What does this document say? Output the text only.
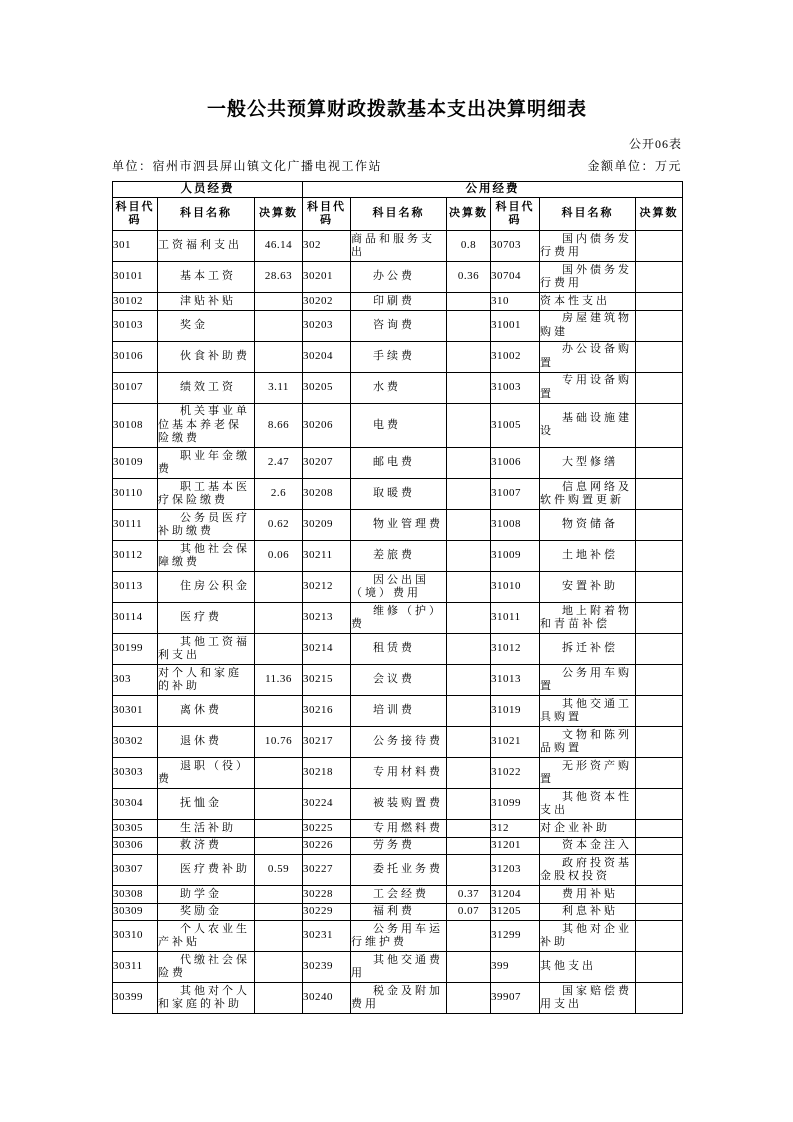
一般公共预算财政拨款基本支出决算明细表
公开06表
单位：宿州市泗县屏山镇文化广播电视工作站	金额单位：万元
人员经费			公用经费					
科目代码	科目名称	决算数	科目代码	科目名称	决算数	科目代码	科目名称	决算数
301	工资福利支出	46.14	302	商品和服务支出	0.8	30703	国内债务发行费用	
30101	基本工资	28.63	30201	办公费	0.36	30704	国外债务发行费用	
30102	津贴补贴		30202	印刷费		310	资本性支出	
30103	奖金		30203	咨询费		31001	房屋建筑物购建	
30106	伙食补助费		30204	手续费		31002	办公设备购置	
30107	绩效工资	3.11	30205	水费		31003	专用设备购置	
30108	机关事业单位基本养老保险缴费	8.66	30206	电费		31005	基础设施建设	
30109	职业年金缴费	2.47	30207	邮电费		31006	大型修缮	
30110	职工基本医疗保险缴费	2.6	30208	取暖费		31007	信息网络及软件购置更新	
30111	公务员医疗补助缴费	0.62	30209	物业管理费		31008	物资储备	
30112	其他社会保障缴费	0.06	30211	差旅费		31009	土地补偿	
30113	住房公积金		30212	因公出国（境）费用		31010	安置补助	
30114	医疗费		30213	维修（护）费		31011	地上附着物和青苗补偿	
30199	其他工资福利支出		30214	租赁费		31012	拆迁补偿	
303	对个人和家庭的补助	11.36	30215	会议费		31013	公务用车购置	
30301	离休费		30216	培训费		31019	其他交通工具购置	
30302	退休费	10.76	30217	公务接待费		31021	文物和陈列品购置	
30303	退职（役）费		30218	专用材料费		31022	无形资产购置	
30304	抚恤金		30224	被装购置费		31099	其他资本性支出	
30305	生活补助		30225	专用燃料费		312	对企业补助	
30306	救济费		30226	劳务费		31201	资本金注入	
30307	医疗费补助	0.59	30227	委托业务费		31203	政府投资基金股权投资	
30308	助学金		30228	工会经费	0.37	31204	费用补贴	
30309	奖励金		30229	福利费	0.07	31205	利息补贴	
30310	个人农业生产补贴		30231	公务用车运行维护费		31299	其他对企业补助	
30311	代缴社会保险费		30239	其他交通费用		399	其他支出	
30399	其他对个人和家庭的补助		30240	税金及附加费用		39907	国家赔偿费用支出	
